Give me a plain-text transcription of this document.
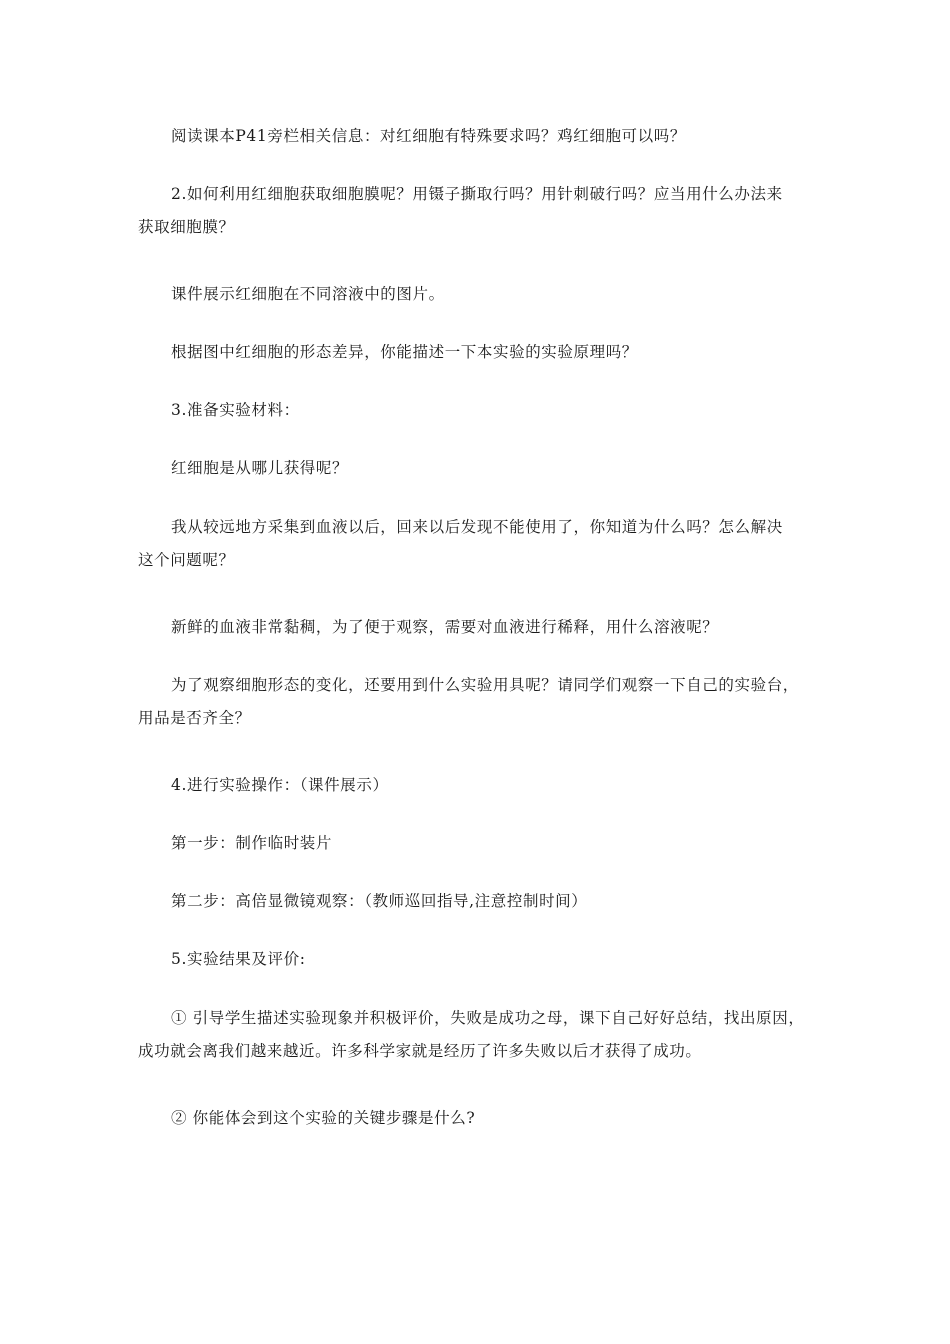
阅读课本P41旁栏相关信息：对红细胞有特殊要求吗？鸡红细胞可以吗？

2.如何利用红细胞获取细胞膜呢？用镊子撕取行吗？用针刺破行吗？应当用什么办法来
获取细胞膜？

课件展示红细胞在不同溶液中的图片。

根据图中红细胞的形态差异，你能描述一下本实验的实验原理吗？

3.准备实验材料：

红细胞是从哪儿获得呢？

我从较远地方采集到血液以后，回来以后发现不能使用了，你知道为什么吗？怎么解决
这个问题呢？

新鲜的血液非常黏稠，为了便于观察，需要对血液进行稀释，用什么溶液呢？

为了观察细胞形态的变化，还要用到什么实验用具呢？请同学们观察一下自己的实验台，
用品是否齐全？

4.进行实验操作：（课件展示）

第一步：制作临时装片

第二步：高倍显微镜观察：（教师巡回指导,注意控制时间）

5.实验结果及评价:

① 引导学生描述实验现象并积极评价，失败是成功之母，课下自己好好总结，找出原因，
成功就会离我们越来越近。许多科学家就是经历了许多失败以后才获得了成功。

② 你能体会到这个实验的关键步骤是什么?
